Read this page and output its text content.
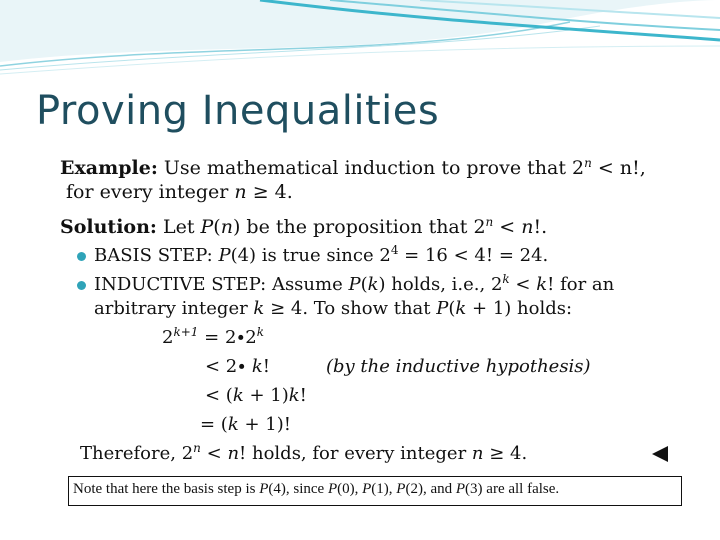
Proving Inequalities
Example: Use mathematical induction to prove that $2^n < n$!,
for every integer n ≥ 4.
Solution: Let P(n) be the proposition that $2^n < n$!.
BASIS STEP: P(4) is true since $2^4 = 16 < 4$! = 24.
INDUCTIVE STEP: Assume P(k) holds, i.e., $2^k < k$! for an
arbitrary integer k ≥ 4. To show that P(k + 1) holds:
$2^{k+1} = 2\cdot 2^k$
< 2∙ k!	(by the inductive hypothesis)
< (k + 1)k!
= (k + 1)!
Therefore, $2^n < n$! holds, for every integer n ≥ 4.
Note that here the basis step is P(4), since P(0), P(1), P(2), and P(3) are all false.
